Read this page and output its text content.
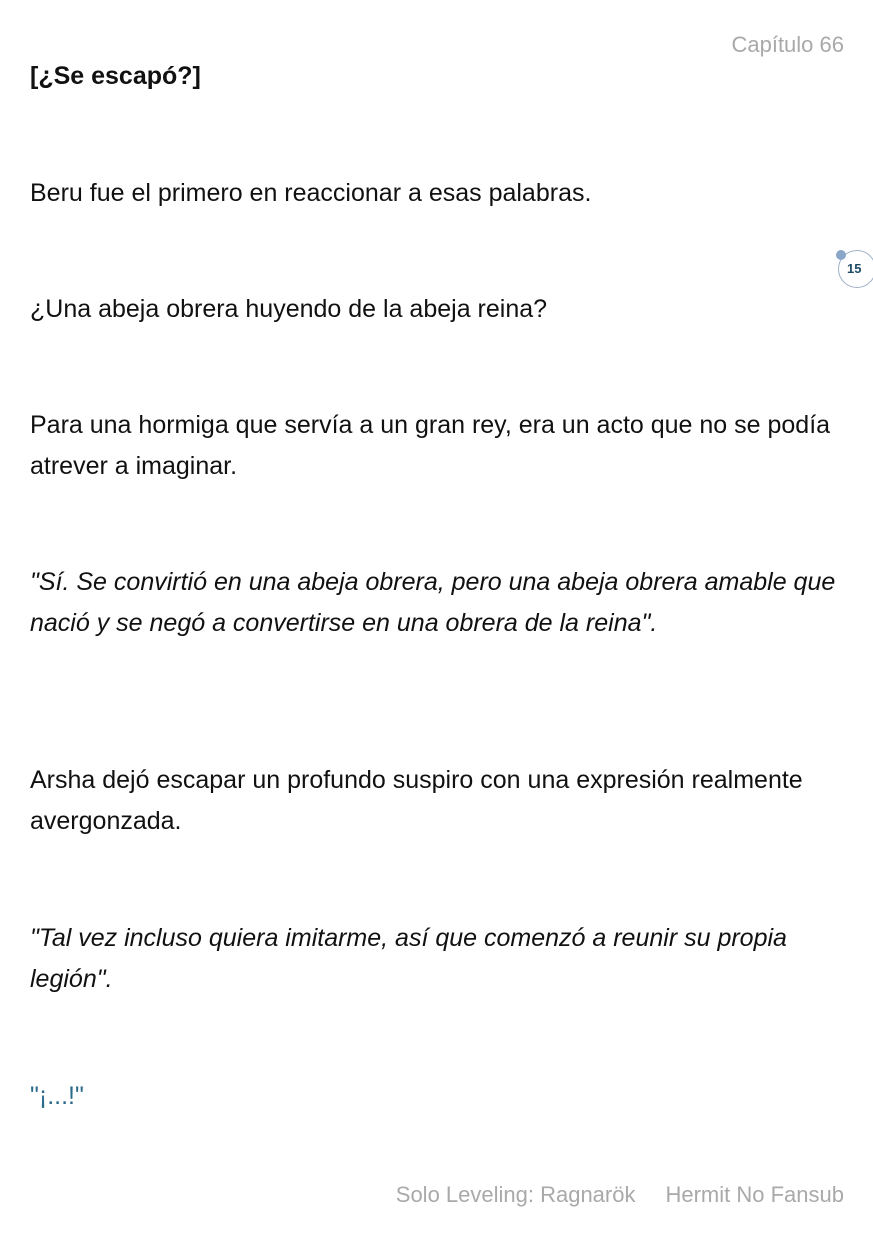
Capítulo 66
[¿Se escapó?]
Beru fue el primero en reaccionar a esas palabras.
15
¿Una abeja obrera huyendo de la abeja reina?
Para una hormiga que servía a un gran rey, era un acto que no se podía atrever a imaginar.
"Sí. Se convirtió en una abeja obrera, pero una abeja obrera amable que nació y se negó a convertirse en una obrera de la reina".
Arsha dejó escapar un profundo suspiro con una expresión realmente avergonzada.
"Tal vez incluso quiera imitarme, así que comenzó a reunir su propia legión".
"¡...!"
Solo Leveling: Ragnarök Hermit No Fansub
